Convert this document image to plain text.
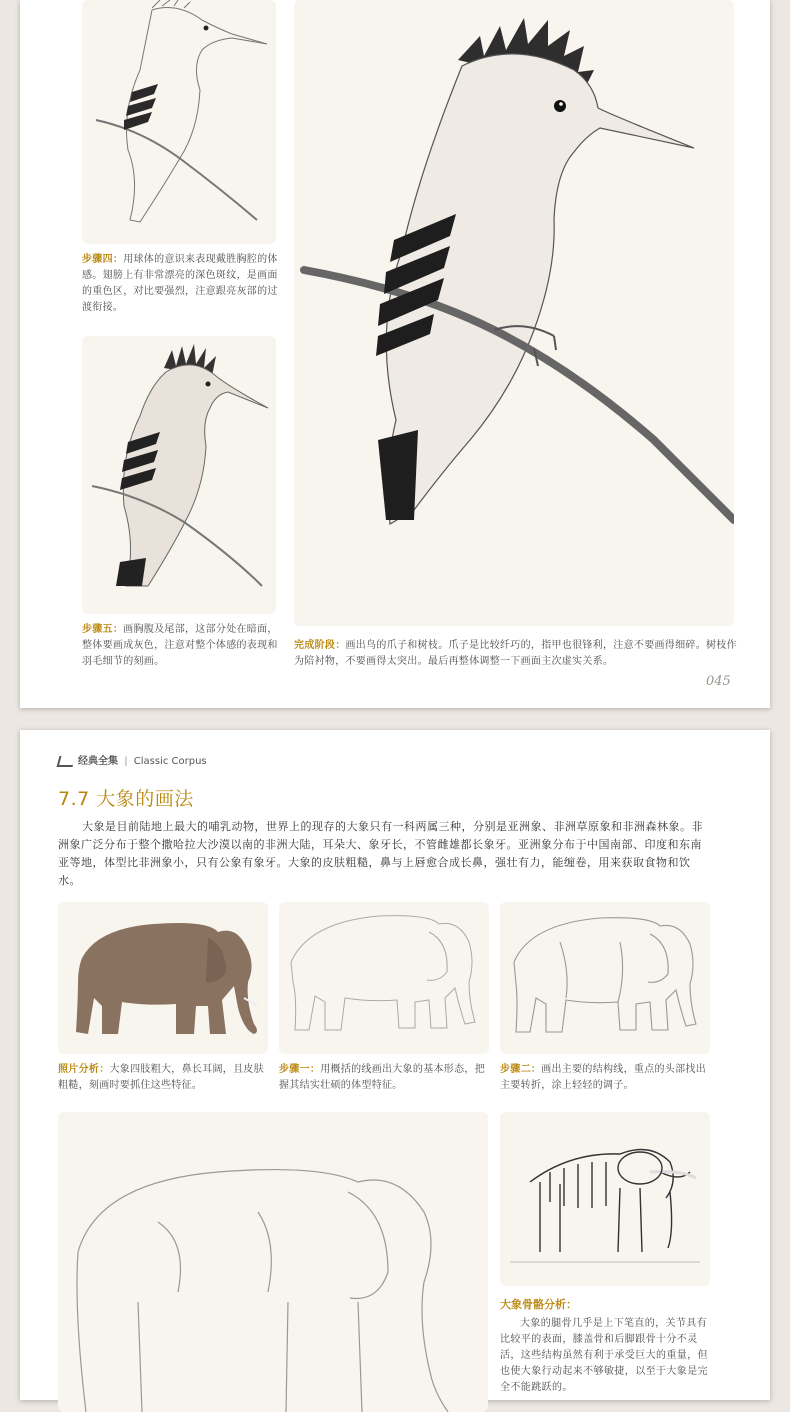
步骤四：用球体的意识来表现戴胜胸腔的体感。翅膀上有非常漂亮的深色斑纹，是画面的重色区，对比要强烈，注意跟亮灰部的过渡衔接。
步骤五：画胸腹及尾部，这部分处在暗面，整体要画成灰色，注意对整个体感的表现和羽毛细节的刻画。
完成阶段：画出鸟的爪子和树枝。爪子是比较纤巧的，指甲也很锋利，注意不要画得细碎。树枝作为陪衬物，不要画得太突出。最后再整体调整一下画面主次虚实关系。
045
经典全集 | Classic Corpus
7.7 大象的画法
大象是目前陆地上最大的哺乳动物，世界上的现存的大象只有一科两属三种，分别是亚洲象、非洲草原象和非洲森林象。非洲象广泛分布于整个撒哈拉大沙漠以南的非洲大陆，耳朵大、象牙长，不管雌雄都长象牙。亚洲象分布于中国南部、印度和东南亚等地，体型比非洲象小，只有公象有象牙。大象的皮肤粗糙，鼻与上唇愈合成长鼻，强壮有力，能缠卷，用来获取食物和饮水。
照片分析：大象四肢粗大，鼻长耳阔，且皮肤粗糙，刻画时要抓住这些特征。
步骤一：用概括的线画出大象的基本形态，把握其结实壮硕的体型特征。
步骤二：画出主要的结构线，重点的头部找出主要转折，涂上轻轻的调子。
大象骨骼分析：
大象的腿骨几乎是上下笔直的，关节具有比较平的表面，膝盖骨和后脚跟骨十分不灵活，这些结构虽然有利于承受巨大的重量，但也使大象行动起来不够敏捷，以至于大象是完全不能跳跃的。
